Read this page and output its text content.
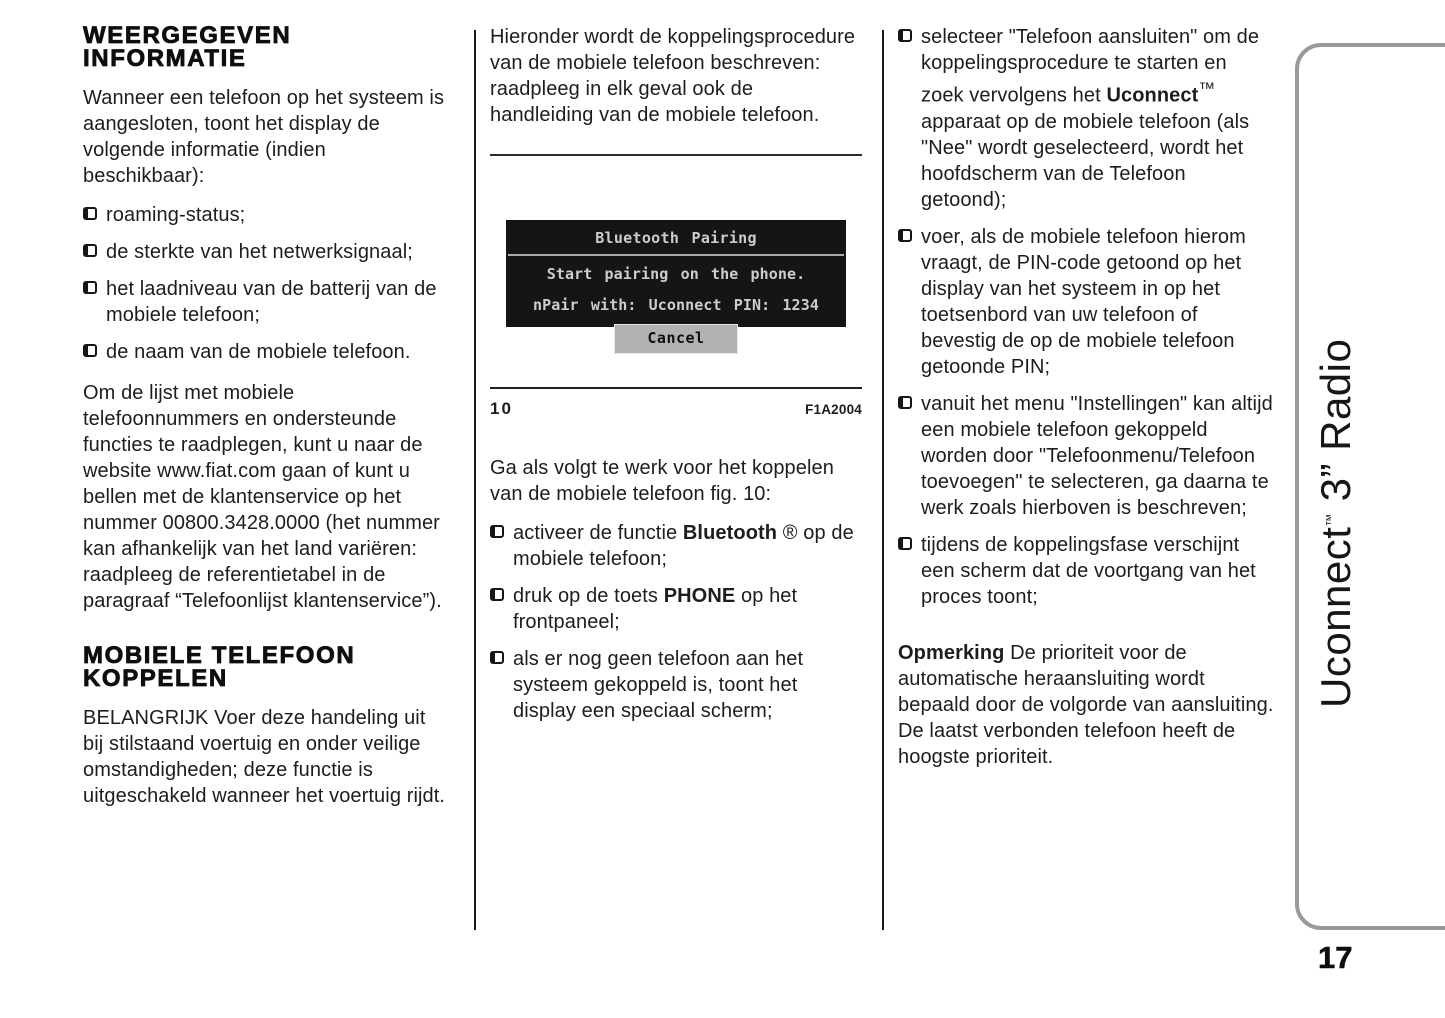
WEERGEGEVEN
INFORMATIE

Wanneer een telefoon op het systeem is aangesloten, toont het display de volgende informatie (indien beschikbaar):

roaming-status;
de sterkte van het netwerksignaal;
het laadniveau van de batterij van de mobiele telefoon;
de naam van de mobiele telefoon.

Om de lijst met mobiele telefoonnummers en ondersteunde functies te raadplegen, kunt u naar de website www.fiat.com gaan of kunt u bellen met de klantenservice op het nummer 00800.3428.0000 (het nummer kan afhankelijk van het land variëren: raadpleeg de referentietabel in de paragraaf “Telefoonlijst klantenservice”).

MOBIELE TELEFOON
KOPPELEN

BELANGRIJK Voer deze handeling uit bij stilstaand voertuig en onder veilige omstandigheden; deze functie is uitgeschakeld wanneer het voertuig rijdt.

Hieronder wordt de koppelingsprocedure van de mobiele telefoon beschreven: raadpleeg in elk geval ook de handleiding van de mobiele telefoon.

Bluetooth Pairing
Start pairing on the phone.
nPair with: Uconnect PIN: 1234
Cancel
10	F1A2004

Ga als volgt te werk voor het koppelen van de mobiele telefoon fig. 10:

activeer de functie Bluetooth ® op de mobiele telefoon;
druk op de toets PHONE op het frontpaneel;
als er nog geen telefoon aan het systeem gekoppeld is, toont het display een speciaal scherm;
selecteer "Telefoon aansluiten" om de koppelingsprocedure te starten en zoek vervolgens het Uconnect™ apparaat op de mobiele telefoon (als "Nee" wordt geselecteerd, wordt het hoofdscherm van de Telefoon getoond);
voer, als de mobiele telefoon hierom vraagt, de PIN-code getoond op het display van het systeem in op het toetsenbord van uw telefoon of bevestig de op de mobiele telefoon getoonde PIN;
vanuit het menu "Instellingen" kan altijd een mobiele telefoon gekoppeld worden door "Telefoonmenu/Telefoon toevoegen" te selecteren, ga daarna te werk zoals hierboven is beschreven;
tijdens de koppelingsfase verschijnt een scherm dat de voortgang van het proces toont;

Opmerking De prioriteit voor de automatische heraansluiting wordt bepaald door de volgorde van aansluiting. De laatst verbonden telefoon heeft de hoogste prioriteit.

Uconnect™ 3” Radio
17
